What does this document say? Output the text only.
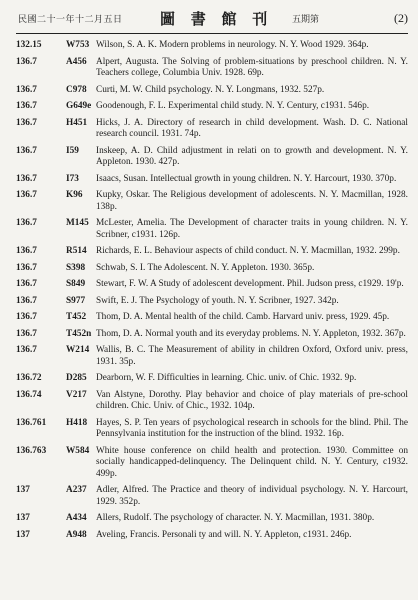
民國二十一年十二月五日	圖 書 館 刊	五期第	(2)
132.15	W753 Wilson, S. A. K. Modern problems in neurology. N. Y. Wood 1929. 364p.
136.7	A456	Alpert, Augusta. The Solving of problem-situations by preschool children. N. Y. Teachers college, Columbia Univ. 1928. 69p.
136.7	C978	Curti, M. W. Child psychology. N. Y. Longmans, 1932. 527p.
136.7	G649e Goodenough, F. L. Experimental child study. N. Y. Century, c1931. 546p.
136.7	H451 Hicks, J. A. Directory of research in child development. Wash. D. C. National research council. 1931. 74p.
136.7	I59	Inskeep, A. D. Child adjustment in relati on to growth and development. N. Y. Appleton. 1930. 427p.
136.7	I73	Isaacs, Susan. Intellectual growth in young children. N. Y. Harcourt, 1930. 370p.
136.7	K96	Kupky, Oskar. The Religious development of adolescents. N. Y. Macmillan, 1928. 138p.
136.7	M145 McLester, Amelia. The Development of character traits in young children. N. Y. Scribner, c1931. 126p.
136.7	R514	Richards, E. L. Behaviour aspects of child conduct. N. Y. Macmillan, 1932. 299p.
136.7	S398	Schwab, S. I. The Adolescent. N. Y. Appleton. 1930. 365p.
136.7	S849	Stewart, F. W. A Study of adolescent development. Phil. Judson press, c1929. 19'p.
136.7	S977	Swift, E. J. The Psychology of youth. N. Y. Scribner, 1927. 342p.
136.7	T452	Thom, D. A. Mental health of the child. Camb. Harvard univ. press, 1929. 45p.
136.7	T452n Thom, D. A. Normal youth and its everyday problems. N. Y. Appleton, 1932. 367p.
136.7	W214 Wallis, B. C. The Measurement of ability in children Oxford, Oxford univ. press, 1931. 35p.
136.72	D285	Dearborn, W. F. Difficulties in learning. Chic. univ. of Chic. 1932. 9p.
136.74	V217	Van Alstyne, Dorothy. Play behavior and choice of play materials of pre-school children. Chic. Univ. of Chic., 1932. 104p.
136.761	H418 Hayes, S. P. Ten years of psychological research in schools for the blind. Phil. The Pennsylvania institution for the instruction of the blind. 1932. 16p.
136.763	W584 White house conference on child health and protection. 1930. Committee on socially handicapped-delinquency. The Delinquent child. N. Y. Century, c1932. 499p.
137	A237	Adler, Alfred. The Practice and theory of individual psychology. N. Y. Harcourt, 1929. 352p.
137	A434	Allers, Rudolf. The psychology of character. N. Y. Macmillan, 1931. 380p.
137	A948	Aveling, Francis. Personali ty and will. N. Y. Appleton, c1931. 246p.
